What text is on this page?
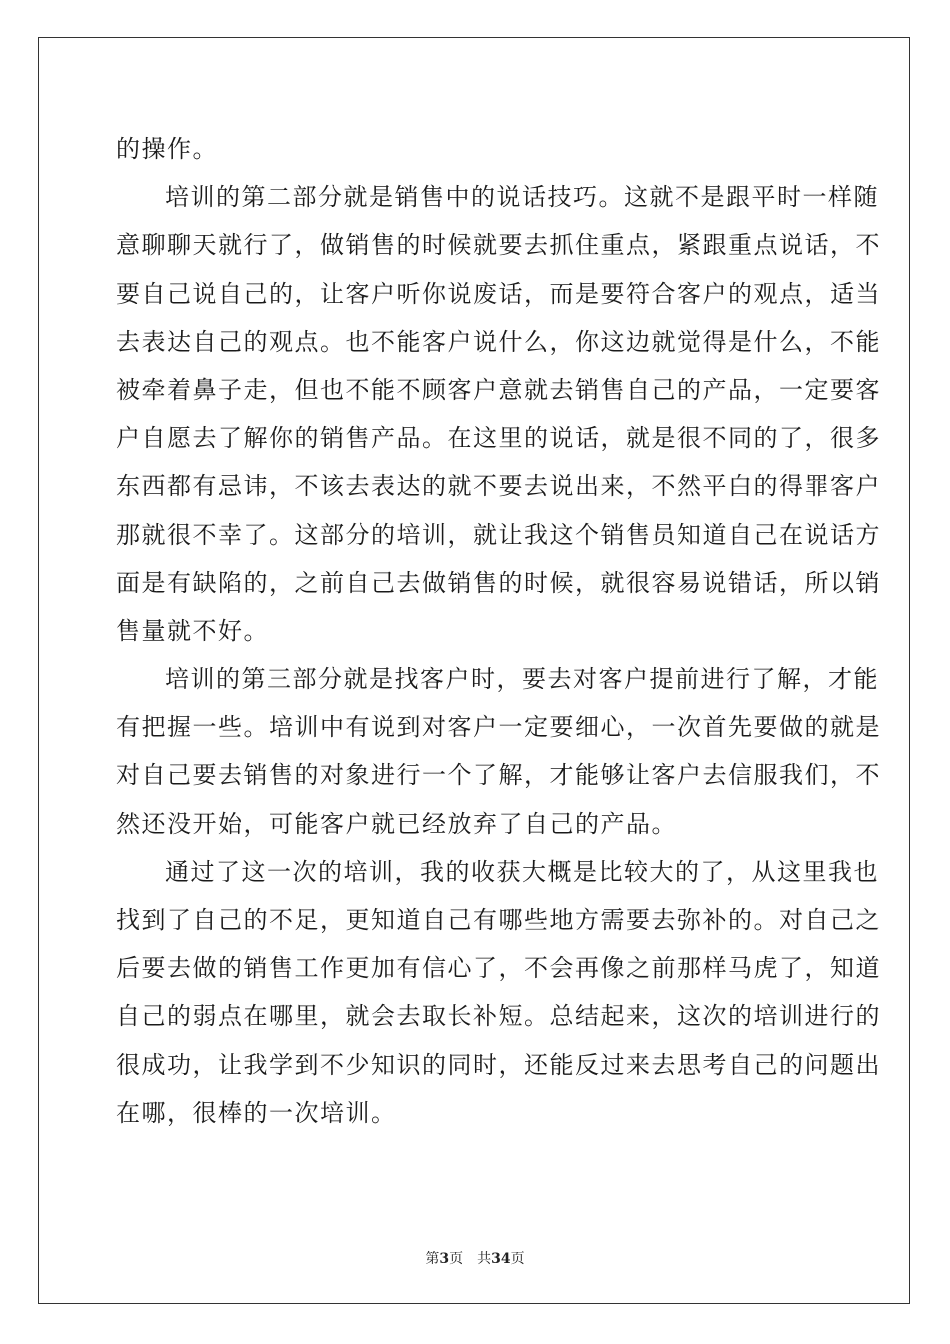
的操作。
培训的第二部分就是销售中的说话技巧。这就不是跟平时一样随
意聊聊天就行了，做销售的时候就要去抓住重点，紧跟重点说话，不
要自己说自己的，让客户听你说废话，而是要符合客户的观点，适当
去表达自己的观点。也不能客户说什么，你这边就觉得是什么，不能
被牵着鼻子走，但也不能不顾客户意就去销售自己的产品，一定要客
户自愿去了解你的销售产品。在这里的说话，就是很不同的了，很多
东西都有忌讳，不该去表达的就不要去说出来，不然平白的得罪客户
那就很不幸了。这部分的培训，就让我这个销售员知道自己在说话方
面是有缺陷的，之前自己去做销售的时候，就很容易说错话，所以销
售量就不好。
培训的第三部分就是找客户时，要去对客户提前进行了解，才能
有把握一些。培训中有说到对客户一定要细心，一次首先要做的就是
对自己要去销售的对象进行一个了解，才能够让客户去信服我们，不
然还没开始，可能客户就已经放弃了自己的产品。
通过了这一次的培训，我的收获大概是比较大的了，从这里我也
找到了自己的不足，更知道自己有哪些地方需要去弥补的。对自己之
后要去做的销售工作更加有信心了，不会再像之前那样马虎了，知道
自己的弱点在哪里，就会去取长补短。总结起来，这次的培训进行的
很成功，让我学到不少知识的同时，还能反过来去思考自己的问题出
在哪，很棒的一次培训。
第3页 共34页
